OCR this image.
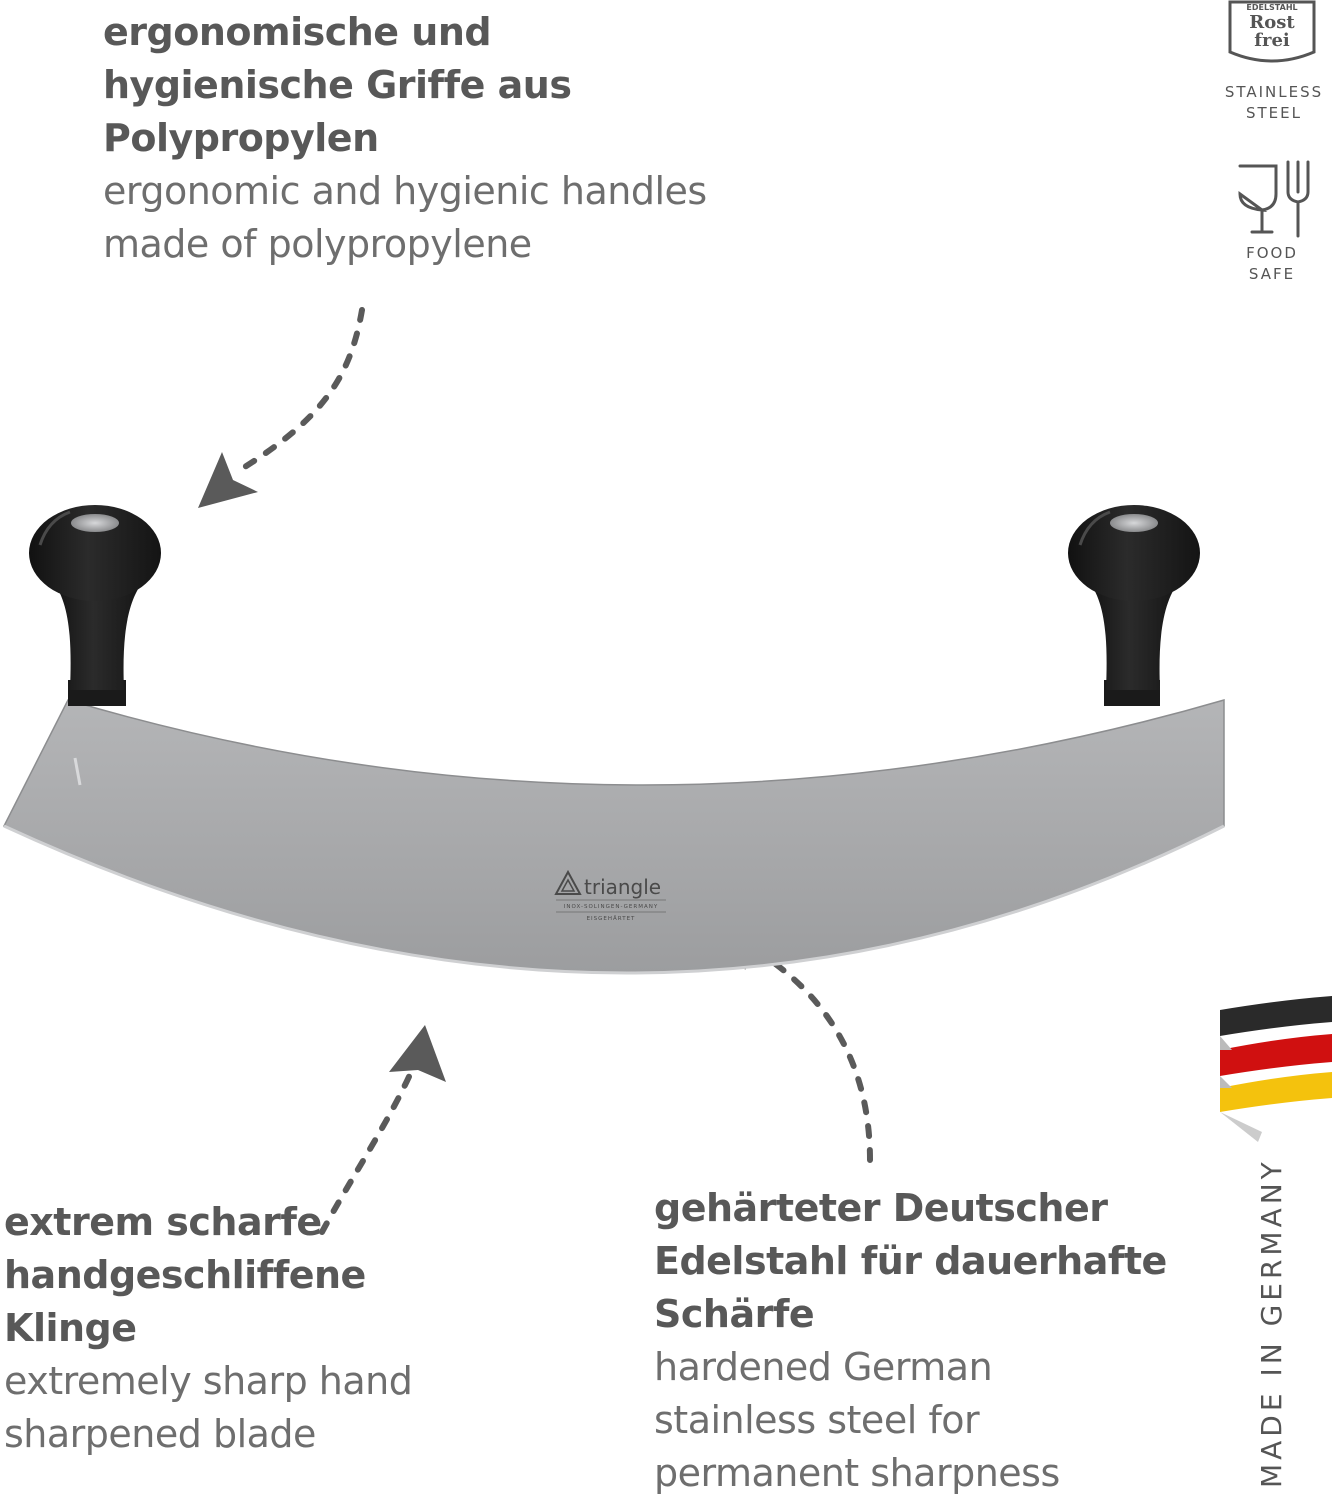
ergonomische und
hygienische Griffe aus
Polypropylen
ergonomic and hygienic handles
made of polypropylene
extrem scharfe
handgeschliffene
Klinge
extremely sharp hand
sharpened blade
gehärteter Deutscher
Edelstahl für dauerhafte
Schärfe
hardened German
stainless steel for
permanent sharpness
triangle
INOX-SOLINGEN-GERMANY
EISGEHÄRTET
EDELSTAHL
Rost
frei
STAINLESS
STEEL
FOOD
SAFE
MADE IN GERMANY
